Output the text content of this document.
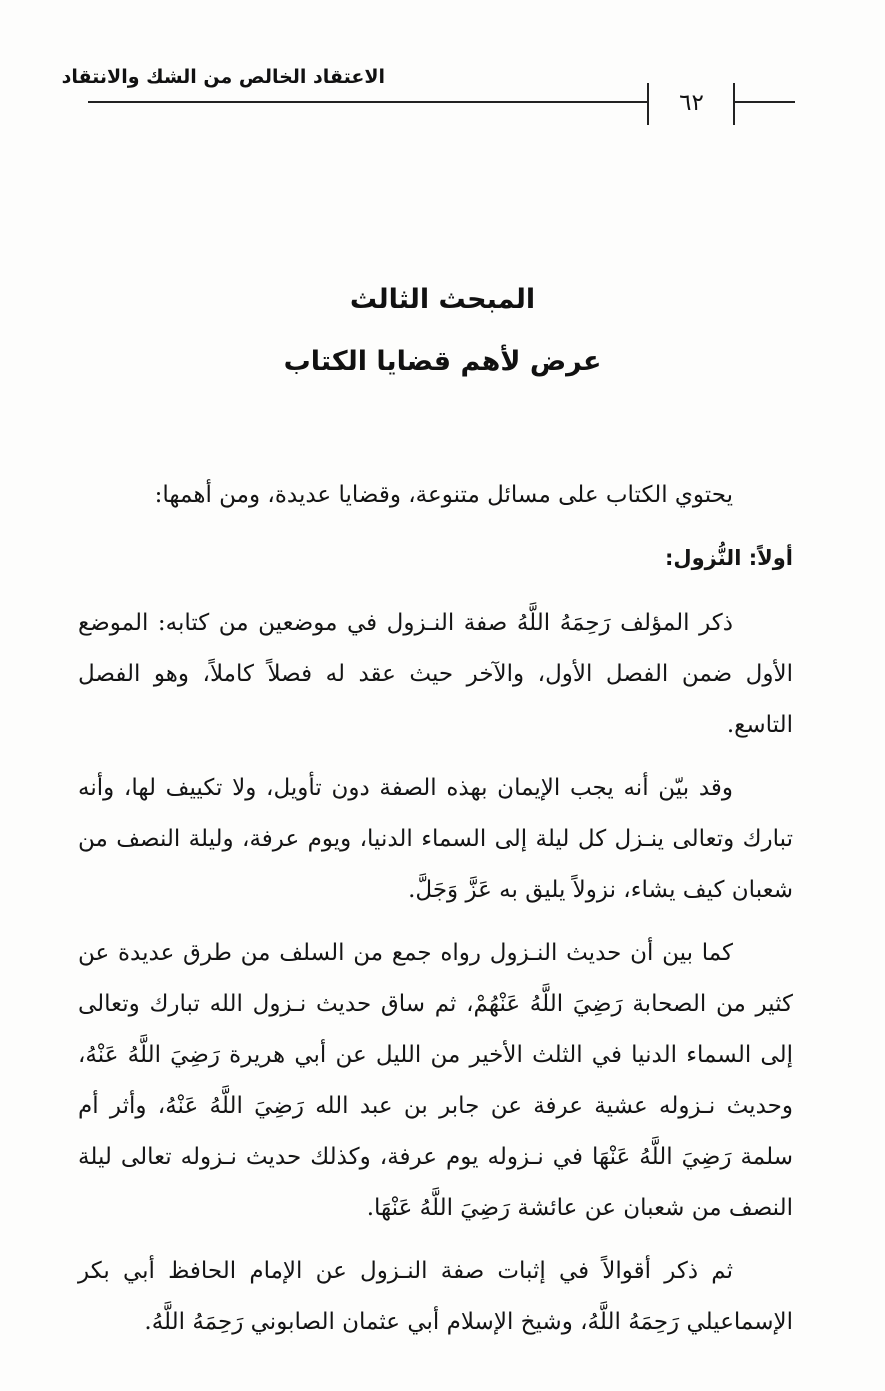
الاعتقاد الخالص من الشك والانتقاد
٦٢
المبحث الثالث
عرض لأهم قضايا الكتاب

يحتوي الكتاب على مسائل متنوعة، وقضايا عديدة، ومن أهمها:

أولاً: النُّزول:

ذكر المؤلف رَحِمَهُ اللَّهُ صفة النـزول في موضعين من كتابه: الموضع الأول ضمن الفصل الأول، والآخر حيث عقد له فصلاً كاملاً، وهو الفصل التاسع.

وقد بيّن أنه يجب الإيمان بهذه الصفة دون تأويل، ولا تكييف لها، وأنه تبارك وتعالى ينـزل كل ليلة إلى السماء الدنيا، ويوم عرفة، وليلة النصف من شعبان كيف يشاء، نزولاً يليق به عَزَّ وَجَلَّ.

كما بين أن حديث النـزول رواه جمع من السلف من طرق عديدة عن كثير من الصحابة رَضِيَ اللَّهُ عَنْهُمْ، ثم ساق حديث نـزول الله تبارك وتعالى إلى السماء الدنيا في الثلث الأخير من الليل عن أبي هريرة رَضِيَ اللَّهُ عَنْهُ، وحديث نـزوله عشية عرفة عن جابر بن عبد الله رَضِيَ اللَّهُ عَنْهُ، وأثر أم سلمة رَضِيَ اللَّهُ عَنْهَا في نـزوله يوم عرفة، وكذلك حديث نـزوله تعالى ليلة النصف من شعبان عن عائشة رَضِيَ اللَّهُ عَنْهَا.

ثم ذكر أقوالاً في إثبات صفة النـزول عن الإمام الحافظ أبي بكر الإسماعيلي رَحِمَهُ اللَّهُ، وشيخ الإسلام أبي عثمان الصابوني رَحِمَهُ اللَّهُ.
